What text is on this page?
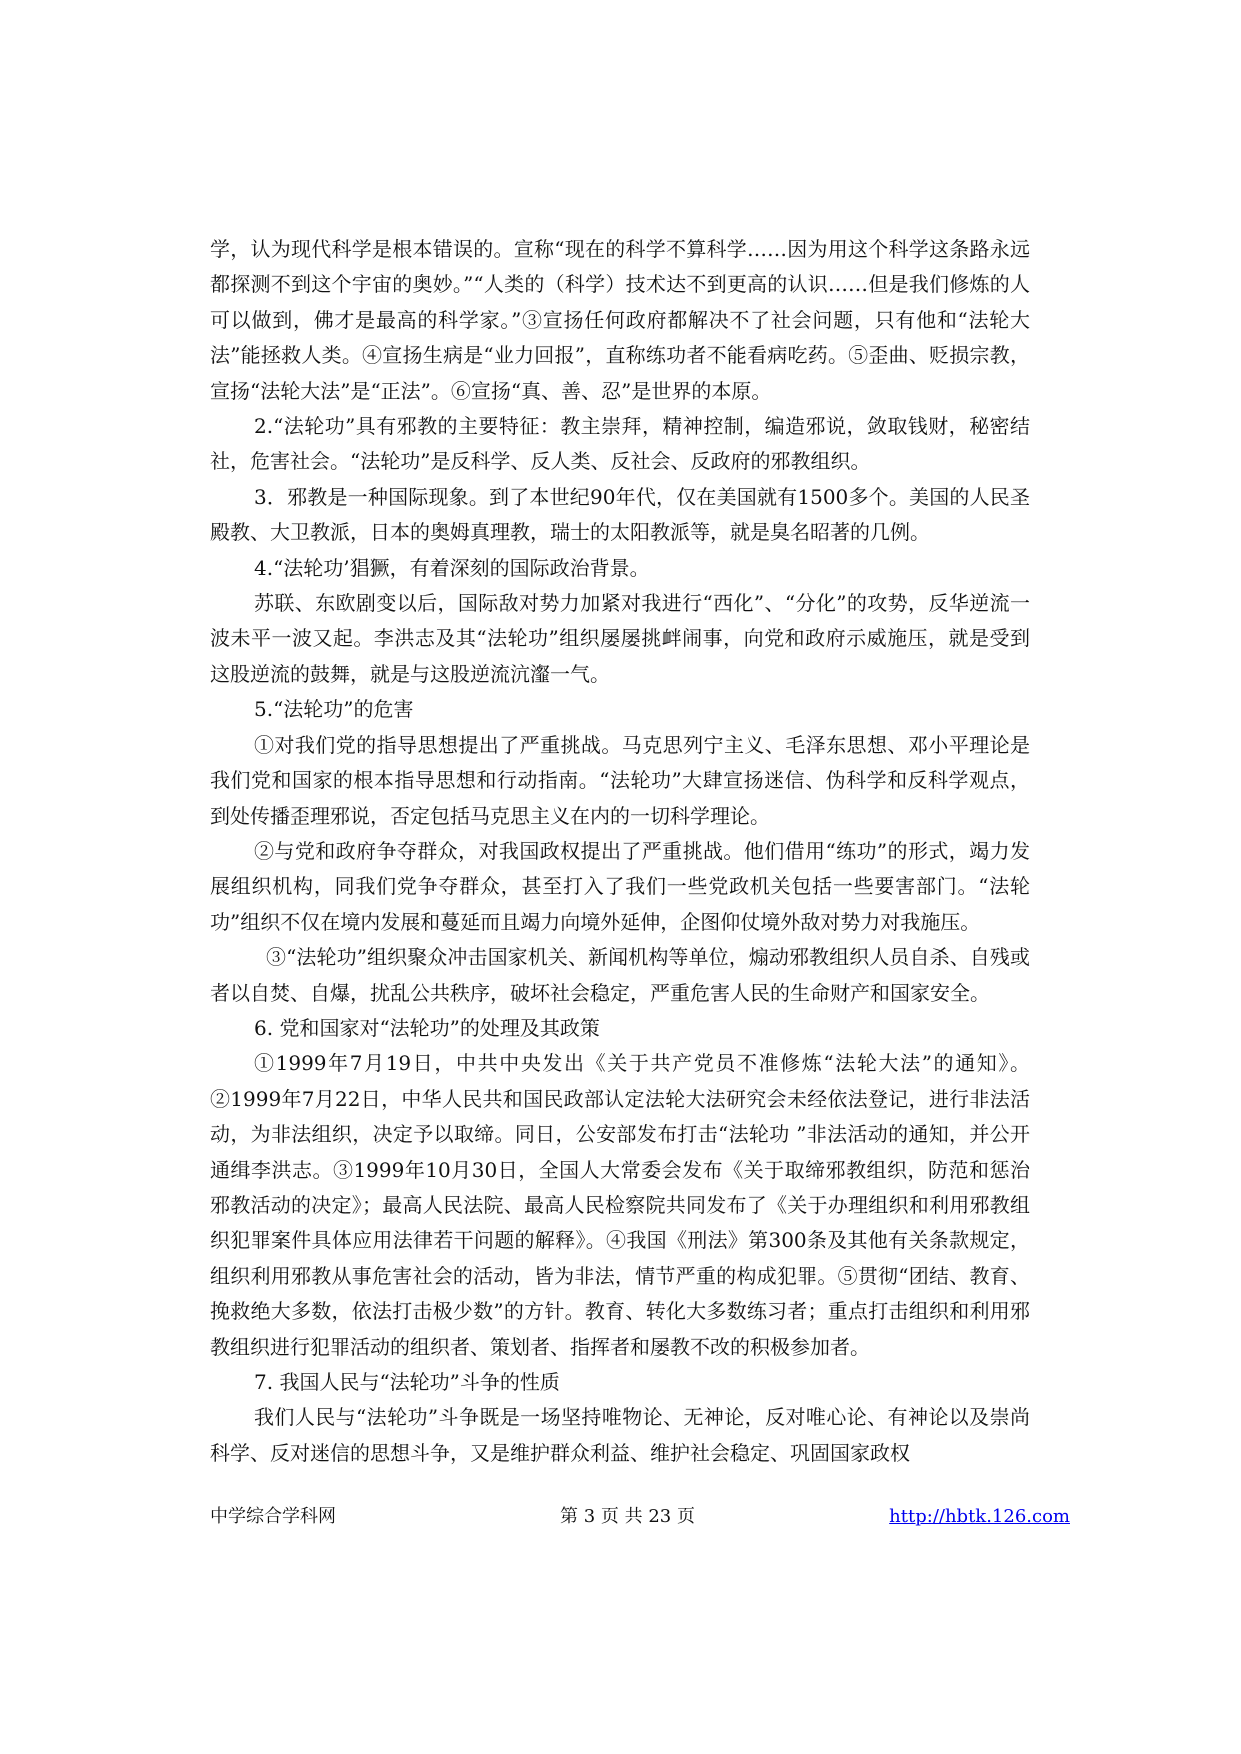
学，认为现代科学是根本错误的。宣称“现在的科学不算科学……因为用这个科学这条路永远都探测不到这个宇宙的奥妙。”“人类的（科学）技术达不到更高的认识……但是我们修炼的人可以做到，佛才是最高的科学家。”③宣扬任何政府都解决不了社会问题，只有他和“法轮大法”能拯救人类。④宣扬生病是“业力回报”，直称练功者不能看病吃药。⑤歪曲、贬损宗教，宣扬“法轮大法”是“正法”。⑥宣扬“真、善、忍”是世界的本原。

2.“法轮功”具有邪教的主要特征：教主崇拜，精神控制，编造邪说，敛取钱财，秘密结社，危害社会。“法轮功”是反科学、反人类、反社会、反政府的邪教组织。

3．邪教是一种国际现象。到了本世纪90年代，仅在美国就有1500多个。美国的人民圣殿教、大卫教派，日本的奥姆真理教，瑞士的太阳教派等，就是臭名昭著的几例。

4.“法轮功’猖獗，有着深刻的国际政治背景。

苏联、东欧剧变以后，国际敌对势力加紧对我进行“西化”、“分化”的攻势，反华逆流一波未平一波又起。李洪志及其“法轮功”组织屡屡挑衅闹事，向党和政府示威施压，就是受到这股逆流的鼓舞，就是与这股逆流沆瀣一气。

5.“法轮功”的危害

①对我们党的指导思想提出了严重挑战。马克思列宁主义、毛泽东思想、邓小平理论是我们党和国家的根本指导思想和行动指南。“法轮功”大肆宣扬迷信、伪科学和反科学观点，到处传播歪理邪说，否定包括马克思主义在内的一切科学理论。

②与党和政府争夺群众，对我国政权提出了严重挑战。他们借用“练功”的形式，竭力发展组织机构，同我们党争夺群众，甚至打入了我们一些党政机关包括一些要害部门。“法轮功”组织不仅在境内发展和蔓延而且竭力向境外延伸，企图仰仗境外敌对势力对我施压。

③“法轮功”组织聚众冲击国家机关、新闻机构等单位，煽动邪教组织人员自杀、自残或者以自焚、自爆，扰乱公共秩序，破坏社会稳定，严重危害人民的生命财产和国家安全。

6. 党和国家对“法轮功”的处理及其政策

①1999年7月19日，中共中央发出《关于共产党员不准修炼“法轮大法”的通知》。②1999年7月22日，中华人民共和国民政部认定法轮大法研究会未经依法登记，进行非法活动，为非法组织，决定予以取缔。同日，公安部发布打击“法轮功 ”非法活动的通知，并公开通缉李洪志。③1999年10月30日，全国人大常委会发布《关于取缔邪教组织，防范和惩治邪教活动的决定》；最高人民法院、最高人民检察院共同发布了《关于办理组织和利用邪教组织犯罪案件具体应用法律若干问题的解释》。④我国《刑法》第300条及其他有关条款规定，组织利用邪教从事危害社会的活动，皆为非法，情节严重的构成犯罪。⑤贯彻“团结、教育、挽救绝大多数，依法打击极少数”的方针。教育、转化大多数练习者；重点打击组织和利用邪教组织进行犯罪活动的组织者、策划者、指挥者和屡教不改的积极参加者。

7. 我国人民与“法轮功”斗争的性质

我们人民与“法轮功”斗争既是一场坚持唯物论、无神论，反对唯心论、有神论以及崇尚科学、反对迷信的思想斗争，又是维护群众利益、维护社会稳定、巩固国家政权

中学综合学科网	第 3 页 共 23 页	http://hbtk.126.com
